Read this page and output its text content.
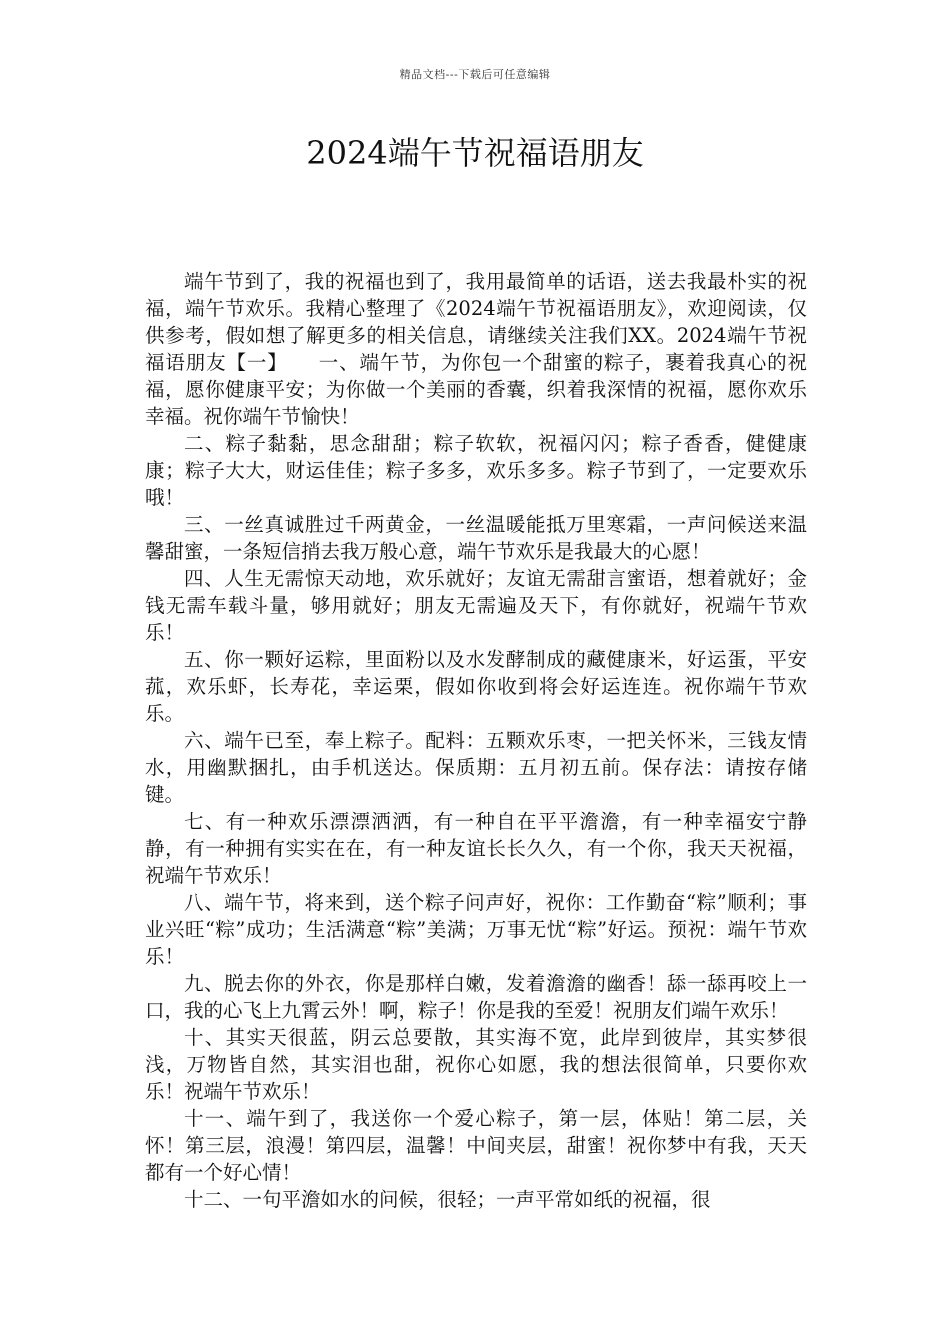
精品文档---下载后可任意编辑
2024端午节祝福语朋友

端午节到了，我的祝福也到了，我用最简单的话语，送去我最朴实的祝福，端午节欢乐。我精心整理了《2024端午节祝福语朋友》，欢迎阅读，仅供参考，假如想了解更多的相关信息，请继续关注我们XX。2024端午节祝福语朋友【一】　　一、端午节，为你包一个甜蜜的粽子，裹着我真心的祝福，愿你健康平安；为你做一个美丽的香囊，织着我深情的祝福，愿你欢乐幸福。祝你端午节愉快！

二、粽子黏黏，思念甜甜；粽子软软，祝福闪闪；粽子香香，健健康康；粽子大大，财运佳佳；粽子多多，欢乐多多。粽子节到了，一定要欢乐哦！

三、一丝真诚胜过千两黄金，一丝温暖能抵万里寒霜，一声问候送来温馨甜蜜，一条短信捎去我万般心意，端午节欢乐是我最大的心愿！

四、人生无需惊天动地，欢乐就好；友谊无需甜言蜜语，想着就好；金钱无需车载斗量，够用就好；朋友无需遍及天下，有你就好，祝端午节欢乐！

五、你一颗好运粽，里面粉以及水发酵制成的藏健康米，好运蛋，平安菰，欢乐虾，长寿花，幸运栗，假如你收到将会好运连连。祝你端午节欢乐。

六、端午已至，奉上粽子。配料：五颗欢乐枣，一把关怀米，三钱友情水，用幽默捆扎，由手机送达。保质期：五月初五前。保存法：请按存储键。

七、有一种欢乐漂漂洒洒，有一种自在平平澹澹，有一种幸福安宁静静，有一种拥有实实在在，有一种友谊长长久久，有一个你，我天天祝福，祝端午节欢乐！

八、端午节，将来到，送个粽子问声好，祝你：工作勤奋“粽”顺利；事业兴旺“粽”成功；生活满意“粽”美满；万事无忧“粽”好运。预祝：端午节欢乐！

九、脱去你的外衣，你是那样白嫩，发着澹澹的幽香！舔一舔再咬上一口，我的心飞上九霄云外！啊，粽子！你是我的至爱！祝朋友们端午欢乐！

十、其实天很蓝，阴云总要散，其实海不宽，此岸到彼岸，其实梦很浅，万物皆自然，其实泪也甜，祝你心如愿，我的想法很简单，只要你欢乐！祝端午节欢乐！

十一、端午到了，我送你一个爱心粽子，第一层，体贴！第二层，关怀！第三层，浪漫！第四层，温馨！中间夹层，甜蜜！祝你梦中有我，天天都有一个好心情！

十二、一句平澹如水的问候，很轻；一声平常如纸的祝福，很
